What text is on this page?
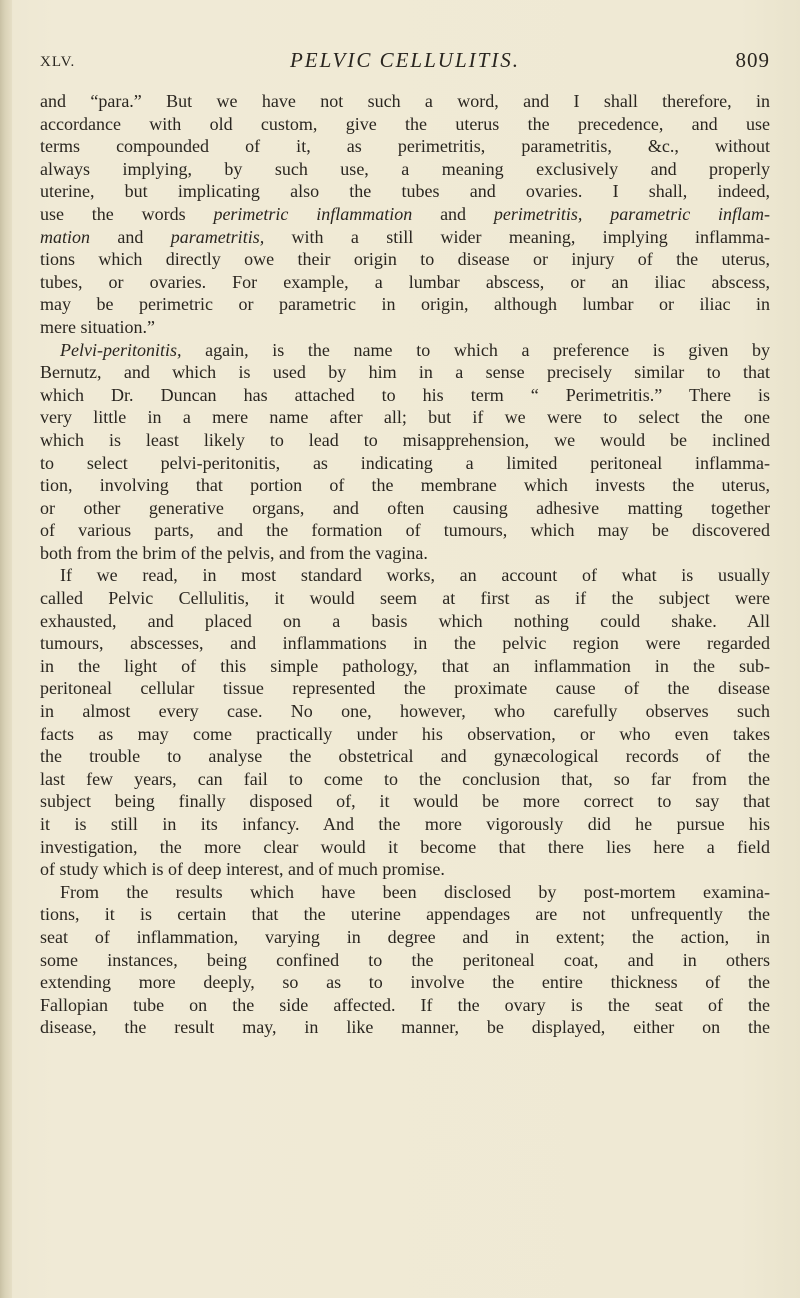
XLV.	PELVIC CELLULITIS.	809
and “para.” But we have not such a word, and I shall therefore, in
accordance with old custom, give the uterus the precedence, and use
terms compounded of it, as perimetritis, parametritis, &c., without
always implying, by such use, a meaning exclusively and properly
uterine, but implicating also the tubes and ovaries. I shall, indeed,
use the words perimetric inflammation and perimetritis, parametric inflam-
mation and parametritis, with a still wider meaning, implying inflamma-
tions which directly owe their origin to disease or injury of the uterus,
tubes, or ovaries. For example, a lumbar abscess, or an iliac abscess,
may be perimetric or parametric in origin, although lumbar or iliac in
mere situation.”
Pelvi-peritonitis, again, is the name to which a preference is given by
Bernutz, and which is used by him in a sense precisely similar to that
which Dr. Duncan has attached to his term “ Perimetritis.” There is
very little in a mere name after all; but if we were to select the one
which is least likely to lead to misapprehension, we would be inclined
to select pelvi-peritonitis, as indicating a limited peritoneal inflamma-
tion, involving that portion of the membrane which invests the uterus,
or other generative organs, and often causing adhesive matting together
of various parts, and the formation of tumours, which may be discovered
both from the brim of the pelvis, and from the vagina.
If we read, in most standard works, an account of what is usually
called Pelvic Cellulitis, it would seem at first as if the subject were
exhausted, and placed on a basis which nothing could shake. All
tumours, abscesses, and inflammations in the pelvic region were regarded
in the light of this simple pathology, that an inflammation in the sub-
peritoneal cellular tissue represented the proximate cause of the disease
in almost every case. No one, however, who carefully observes such
facts as may come practically under his observation, or who even takes
the trouble to analyse the obstetrical and gynæcological records of the
last few years, can fail to come to the conclusion that, so far from the
subject being finally disposed of, it would be more correct to say that
it is still in its infancy. And the more vigorously did he pursue his
investigation, the more clear would it become that there lies here a field
of study which is of deep interest, and of much promise.
From the results which have been disclosed by post-mortem examina-
tions, it is certain that the uterine appendages are not unfrequently the
seat of inflammation, varying in degree and in extent; the action, in
some instances, being confined to the peritoneal coat, and in others
extending more deeply, so as to involve the entire thickness of the
Fallopian tube on the side affected. If the ovary is the seat of the
disease, the result may, in like manner, be displayed, either on the
